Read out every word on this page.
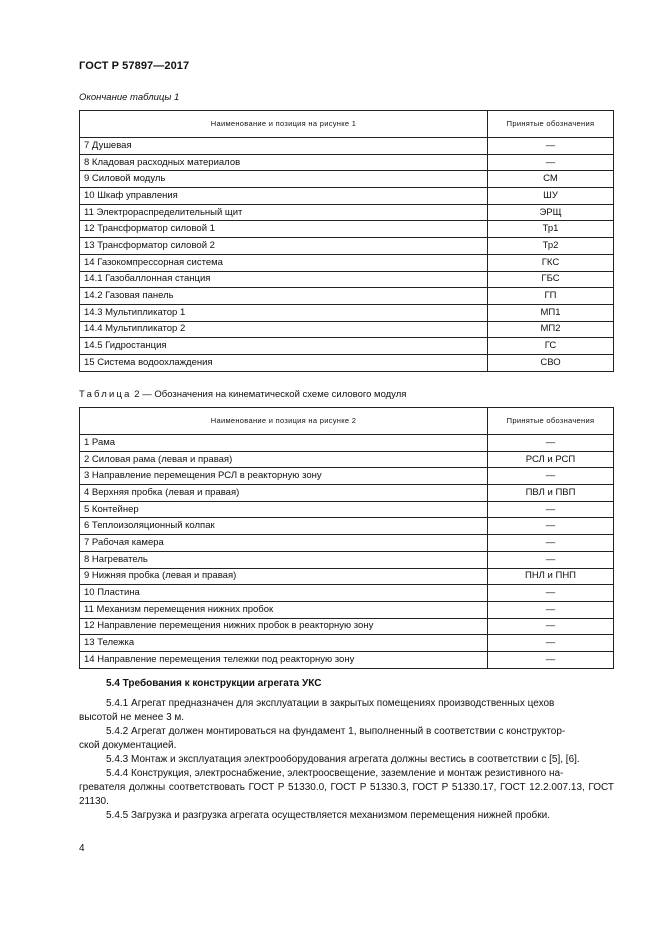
ГОСТ Р 57897—2017
Окончание таблицы 1
Наименование и позиция на рисунке 1	Принятые обозначения
7 Душевая	—
8 Кладовая расходных материалов	—
9 Силовой модуль	СМ
10 Шкаф управления	ШУ
11 Электрораспределительный щит	ЭРЩ
12 Трансформатор силовой 1	Тр1
13 Трансформатор силовой 2	Тр2
14 Газокомпрессорная система	ГКС
14.1 Газобаллонная станция	ГБС
14.2 Газовая панель	ГП
14.3 Мультипликатор 1	МП1
14.4 Мультипликатор 2	МП2
14.5 Гидростанция	ГС
15 Система водоохлаждения	СВО
Таблица 2 — Обозначения на кинематической схеме силового модуля
Наименование и позиция на рисунке 2	Принятые обозначения
1 Рама	—
2 Силовая рама (левая и правая)	РСЛ и РСП
3 Направление перемещения РСЛ в реакторную зону	—
4 Верхняя пробка (левая и правая)	ПВЛ и ПВП
5 Контейнер	—
6 Теплоизоляционный колпак	—
7 Рабочая камера	—
8 Нагреватель	—
9 Нижняя пробка (левая и правая)	ПНЛ и ПНП
10 Пластина	—
11 Механизм перемещения нижних пробок	—
12 Направление перемещения нижних пробок в реакторную зону	—
13 Тележка	—
14 Направление перемещения тележки под реакторную зону	—
5.4 Требования к конструкции агрегата УКС
5.4.1 Агрегат предназначен для эксплуатации в закрытых помещениях производственных цехов
высотой не менее 3 м.
5.4.2 Агрегат должен монтироваться на фундамент 1, выполненный в соответствии с конструктор-
ской документацией.
5.4.3 Монтаж и эксплуатация электрооборудования агрегата должны вестись в соответствии с [5], [6].
5.4.4 Конструкция, электроснабжение, электроосвещение, заземление и монтаж резистивного на-
гревателя должны соответствовать ГОСТ Р 51330.0, ГОСТ Р 51330.3, ГОСТ Р 51330.17, ГОСТ 12.2.007.13, ГОСТ 21130.
5.4.5 Загрузка и разгрузка агрегата осуществляется механизмом перемещения нижней пробки.
4
